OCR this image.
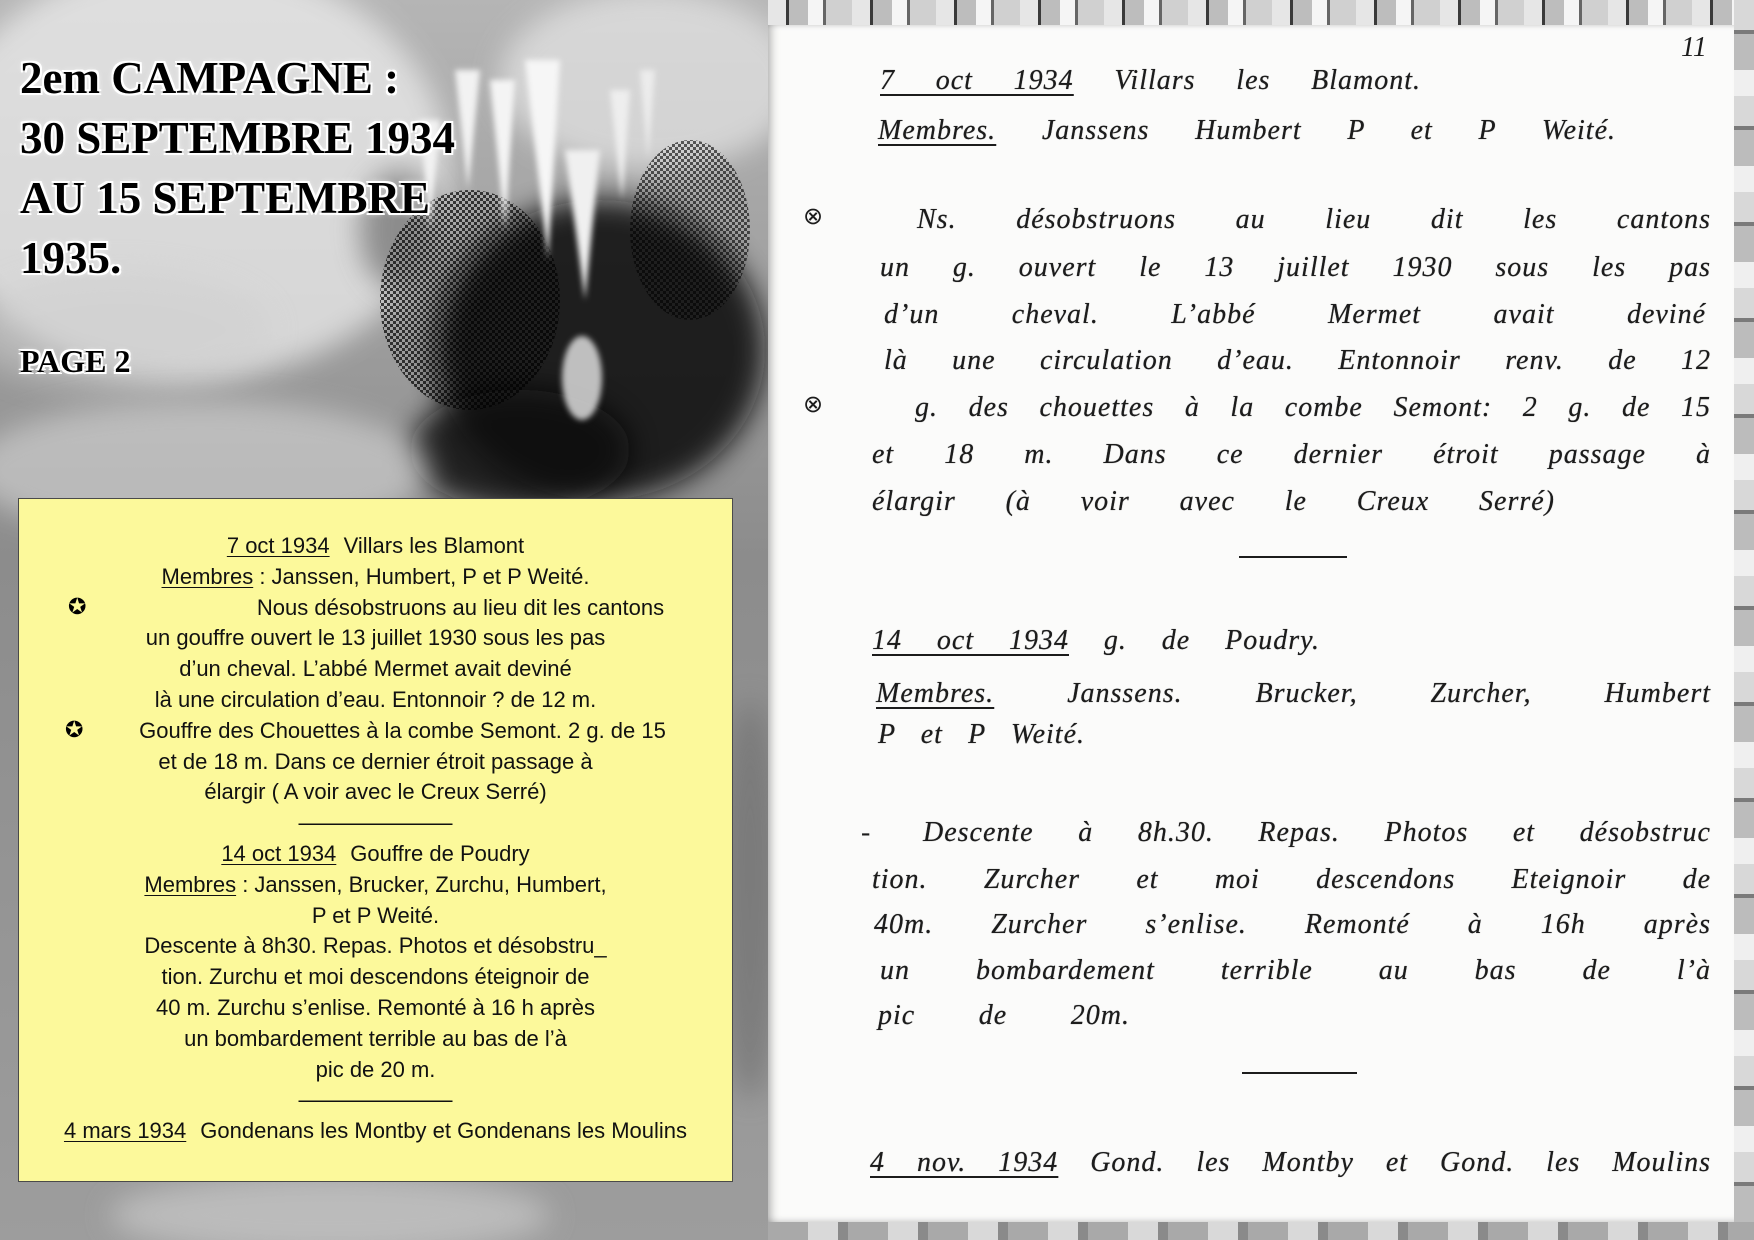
2em CAMPAGNE :
30 SEPTEMBRE 1934
AU 15 SEPTEMBRE
1935.
PAGE 2
7 oct 1934 Villars les Blamont
Membres : Janssen, Humbert, P et P Weité.
✪	Nous désobstruons au lieu dit les cantons
un gouffre ouvert le 13 juillet 1930 sous les pas
d’un cheval. L’abbé Mermet avait deviné
là une circulation d’eau. Entonnoir ? de 12 m.
✪	Gouffre des Chouettes à la combe Semont. 2 g. de 15
et de 18 m. Dans ce dernier étroit passage à
élargir ( A voir avec le Creux Serré)
———————
14 oct 1934 Gouffre de Poudry
Membres : Janssen, Brucker, Zurchu, Humbert,
P et P Weité.
Descente à 8h30. Repas. Photos et désobstru_
tion. Zurchu et moi descendons éteignoir de
40 m. Zurchu s’enlise. Remonté à 16 h après
un bombardement terrible au bas de l’à
pic de 20 m.
———————
4 mars 1934 Gondenans les Montby et Gondenans les Moulins
11
7 oct 1934 Villars les Blamont.
Membres. Janssens Humbert P et P Weité.
⊗	Ns. désobstruons au lieu dit les cantons
un g. ouvert le 13 juillet 1930 sous les pas
d’un cheval. L’abbé Mermet avait deviné
là une circulation d’eau. Entonnoir renv. de 12
⊗	g. des chouettes à la combe Semont: 2 g. de 15
et 18 m. Dans ce dernier étroit passage à
élargir (à voir avec le Creux Serré)
14 oct 1934 g. de Poudry.
Membres.	Janssens. Brucker, Zurcher, Humbert
P et P Weité.
- Descente à 8h.30. Repas. Photos et désobstruc
tion. Zurcher et moi descendons Eteignoir de
40m. Zurcher s’enlise. Remonté à 16h après
un bombardement terrible au bas de l’à
pic de 20m.
4 nov. 1934 Gond. les Montby et Gond. les Moulins
